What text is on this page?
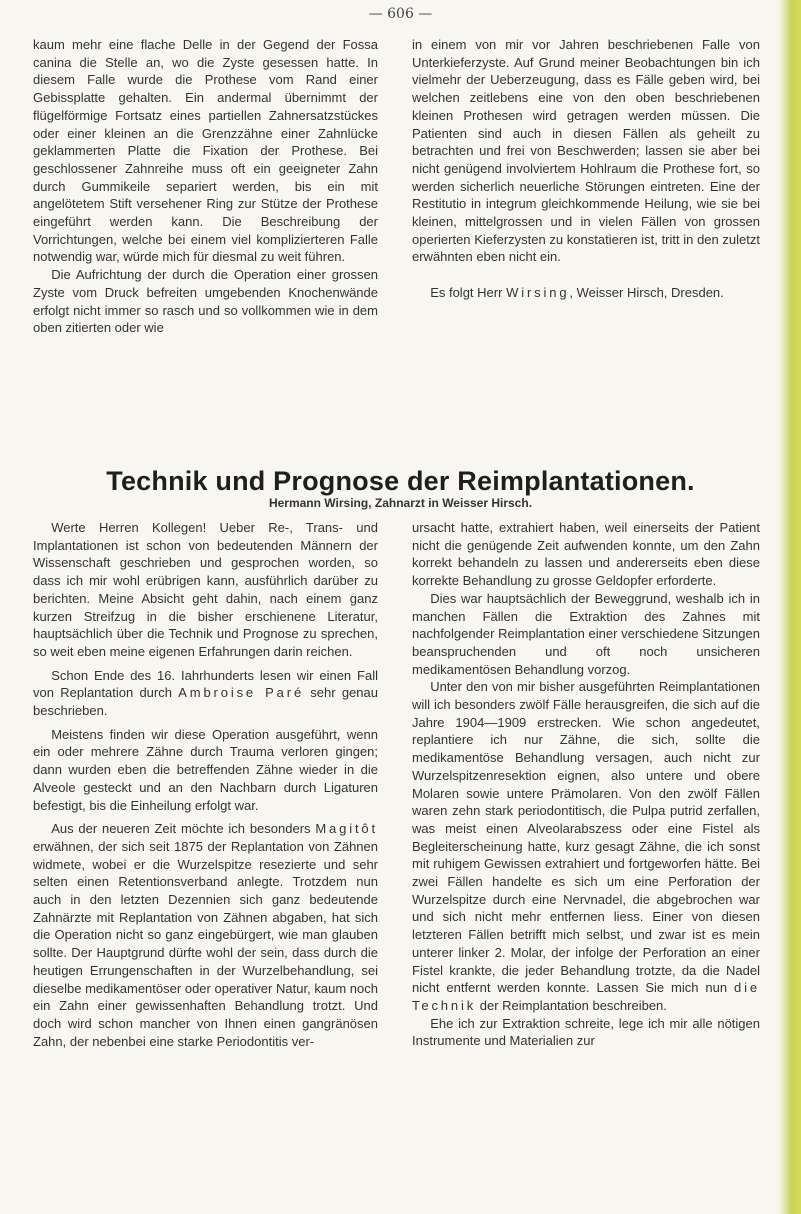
— 606 —

kaum mehr eine flache Delle in der Gegend der Fossa canina die Stelle an, wo die Zyste gesessen hatte. In diesem Falle wurde die Prothese vom Rand einer Gebissplatte gehalten. Ein andermal übernimmt der flügelförmige Fortsatz eines partiellen Zahnersatzstückes oder einer kleinen an die Grenzzähne einer Zahnlücke geklammerten Platte die Fixation der Prothese. Bei geschlossener Zahnreihe muss oft ein geeigneter Zahn durch Gummikeile separiert werden, bis ein mit angelötetem Stift versehener Ring zur Stütze der Prothese eingeführt werden kann. Die Beschreibung der Vorrichtungen, welche bei einem viel komplizierteren Falle notwendig war, würde mich für diesmal zu weit führen.

Die Aufrichtung der durch die Operation einer grossen Zyste vom Druck befreiten umgebenden Knochenwände erfolgt nicht immer so rasch und so vollkommen wie in dem oben zitierten oder wie

in einem von mir vor Jahren beschriebenen Falle von Unterkieferzyste. Auf Grund meiner Beobachtungen bin ich vielmehr der Ueberzeugung, dass es Fälle geben wird, bei welchen zeitlebens eine von den oben beschriebenen kleinen Prothesen wird getragen werden müssen. Die Patienten sind auch in diesen Fällen als geheilt zu betrachten und frei von Beschwerden; lassen sie aber bei nicht genügend involviertem Hohlraum die Prothese fort, so werden sicherlich neuerliche Störungen eintreten. Eine der Restitutio in integrum gleichkommende Heilung, wie sie bei kleinen, mittelgrossen und in vielen Fällen von grossen operierten Kieferzysten zu konstatieren ist, tritt in den zuletzt erwähnten eben nicht ein.

Es folgt Herr Wirsing, Weisser Hirsch, Dresden.

Technik und Prognose der Reimplantationen.
Hermann Wirsing, Zahnarzt in Weisser Hirsch.

Werte Herren Kollegen! Ueber Re-, Trans- und Implantationen ist schon von bedeutenden Männern der Wissenschaft geschrieben und gesprochen worden, so dass ich mir wohl erübrigen kann, ausführlich darüber zu berichten. Meine Absicht geht dahin, nach einem ganz kurzen Streifzug in die bisher erschienene Literatur, hauptsächlich über die Technik und Prognose zu sprechen, so weit eben meine eigenen Erfahrungen darin reichen.

Schon Ende des 16. Iahrhunderts lesen wir einen Fall von Replantation durch Ambroise Paré sehr genau beschrieben.

Meistens finden wir diese Operation ausgeführt, wenn ein oder mehrere Zähne durch Trauma verloren gingen; dann wurden eben die betreffenden Zähne wieder in die Alveole gesteckt und an den Nachbarn durch Ligaturen befestigt, bis die Einheilung erfolgt war.

Aus der neueren Zeit möchte ich besonders Magitôt erwähnen, der sich seit 1875 der Replantation von Zähnen widmete, wobei er die Wurzelspitze resezierte und sehr selten einen Retentionsverband anlegte. Trotzdem nun auch in den letzten Dezennien sich ganz bedeutende Zahnärzte mit Replantation von Zähnen abgaben, hat sich die Operation nicht so ganz eingebürgert, wie man glauben sollte. Der Hauptgrund dürfte wohl der sein, dass durch die heutigen Errungenschaften in der Wurzelbehandlung, sei dieselbe medikamentöser oder operativer Natur, kaum noch ein Zahn einer gewissenhaften Behandlung trotzt. Und doch wird schon mancher von Ihnen einen gangränösen Zahn, der nebenbei eine starke Periodontitis ver-

ursacht hatte, extrahiert haben, weil einerseits der Patient nicht die genügende Zeit aufwenden konnte, um den Zahn korrekt behandeln zu lassen und andererseits eben diese korrekte Behandlung zu grosse Geldopfer erforderte.

Dies war hauptsächlich der Beweggrund, weshalb ich in manchen Fällen die Extraktion des Zahnes mit nachfolgender Reimplantation einer verschiedene Sitzungen beanspruchenden und oft noch unsicheren medikamentösen Behandlung vorzog.

Unter den von mir bisher ausgeführten Reimplantationen will ich besonders zwölf Fälle herausgreifen, die sich auf die Jahre 1904—1909 erstrecken. Wie schon angedeutet, replantiere ich nur Zähne, die sich, sollte die medikamentöse Behandlung versagen, auch nicht zur Wurzelspitzenresektion eignen, also untere und obere Molaren sowie untere Prämolaren. Von den zwölf Fällen waren zehn stark periodontitisch, die Pulpa putrid zerfallen, was meist einen Alveolarabszess oder eine Fistel als Begleiterscheinung hatte, kurz gesagt Zähne, die ich sonst mit ruhigem Gewissen extrahiert und fortgeworfen hätte. Bei zwei Fällen handelte es sich um eine Perforation der Wurzelspitze durch eine Nervnadel, die abgebrochen war und sich nicht mehr entfernen liess. Einer von diesen letzteren Fällen betrifft mich selbst, und zwar ist es mein unterer linker 2. Molar, der infolge der Perforation an einer Fistel krankte, die jeder Behandlung trotzte, da die Nadel nicht entfernt werden konnte. Lassen Sie mich nun die Technik der Reimplantation beschreiben.

Ehe ich zur Extraktion schreite, lege ich mir alle nötigen Instrumente und Materialien zur
